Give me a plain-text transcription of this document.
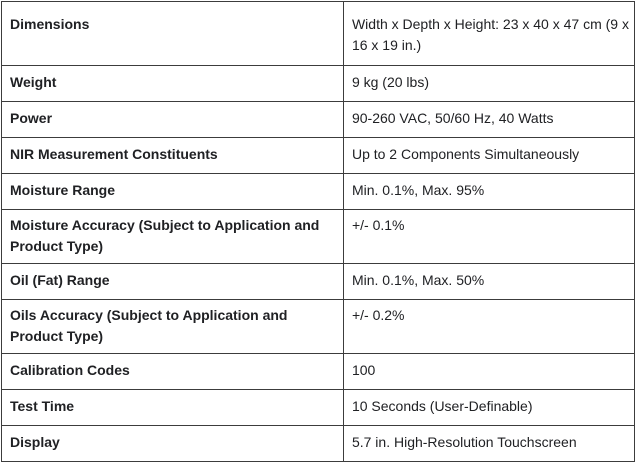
Dimensions	Width x Depth x Height: 23 x 40 x 47 cm (9 x 16 x 19 in.)
Weight	9 kg (20 lbs)
Power	90-260 VAC, 50/60 Hz, 40 Watts
NIR Measurement Constituents	Up to 2 Components Simultaneously
Moisture Range	Min. 0.1%, Max. 95%
Moisture Accuracy (Subject to Application and Product Type)	+/- 0.1%
Oil (Fat) Range	Min. 0.1%, Max. 50%
Oils Accuracy (Subject to Application and Product Type)	+/- 0.2%
Calibration Codes	100
Test Time	10 Seconds (User-Definable)
Display	5.7 in. High-Resolution Touchscreen
